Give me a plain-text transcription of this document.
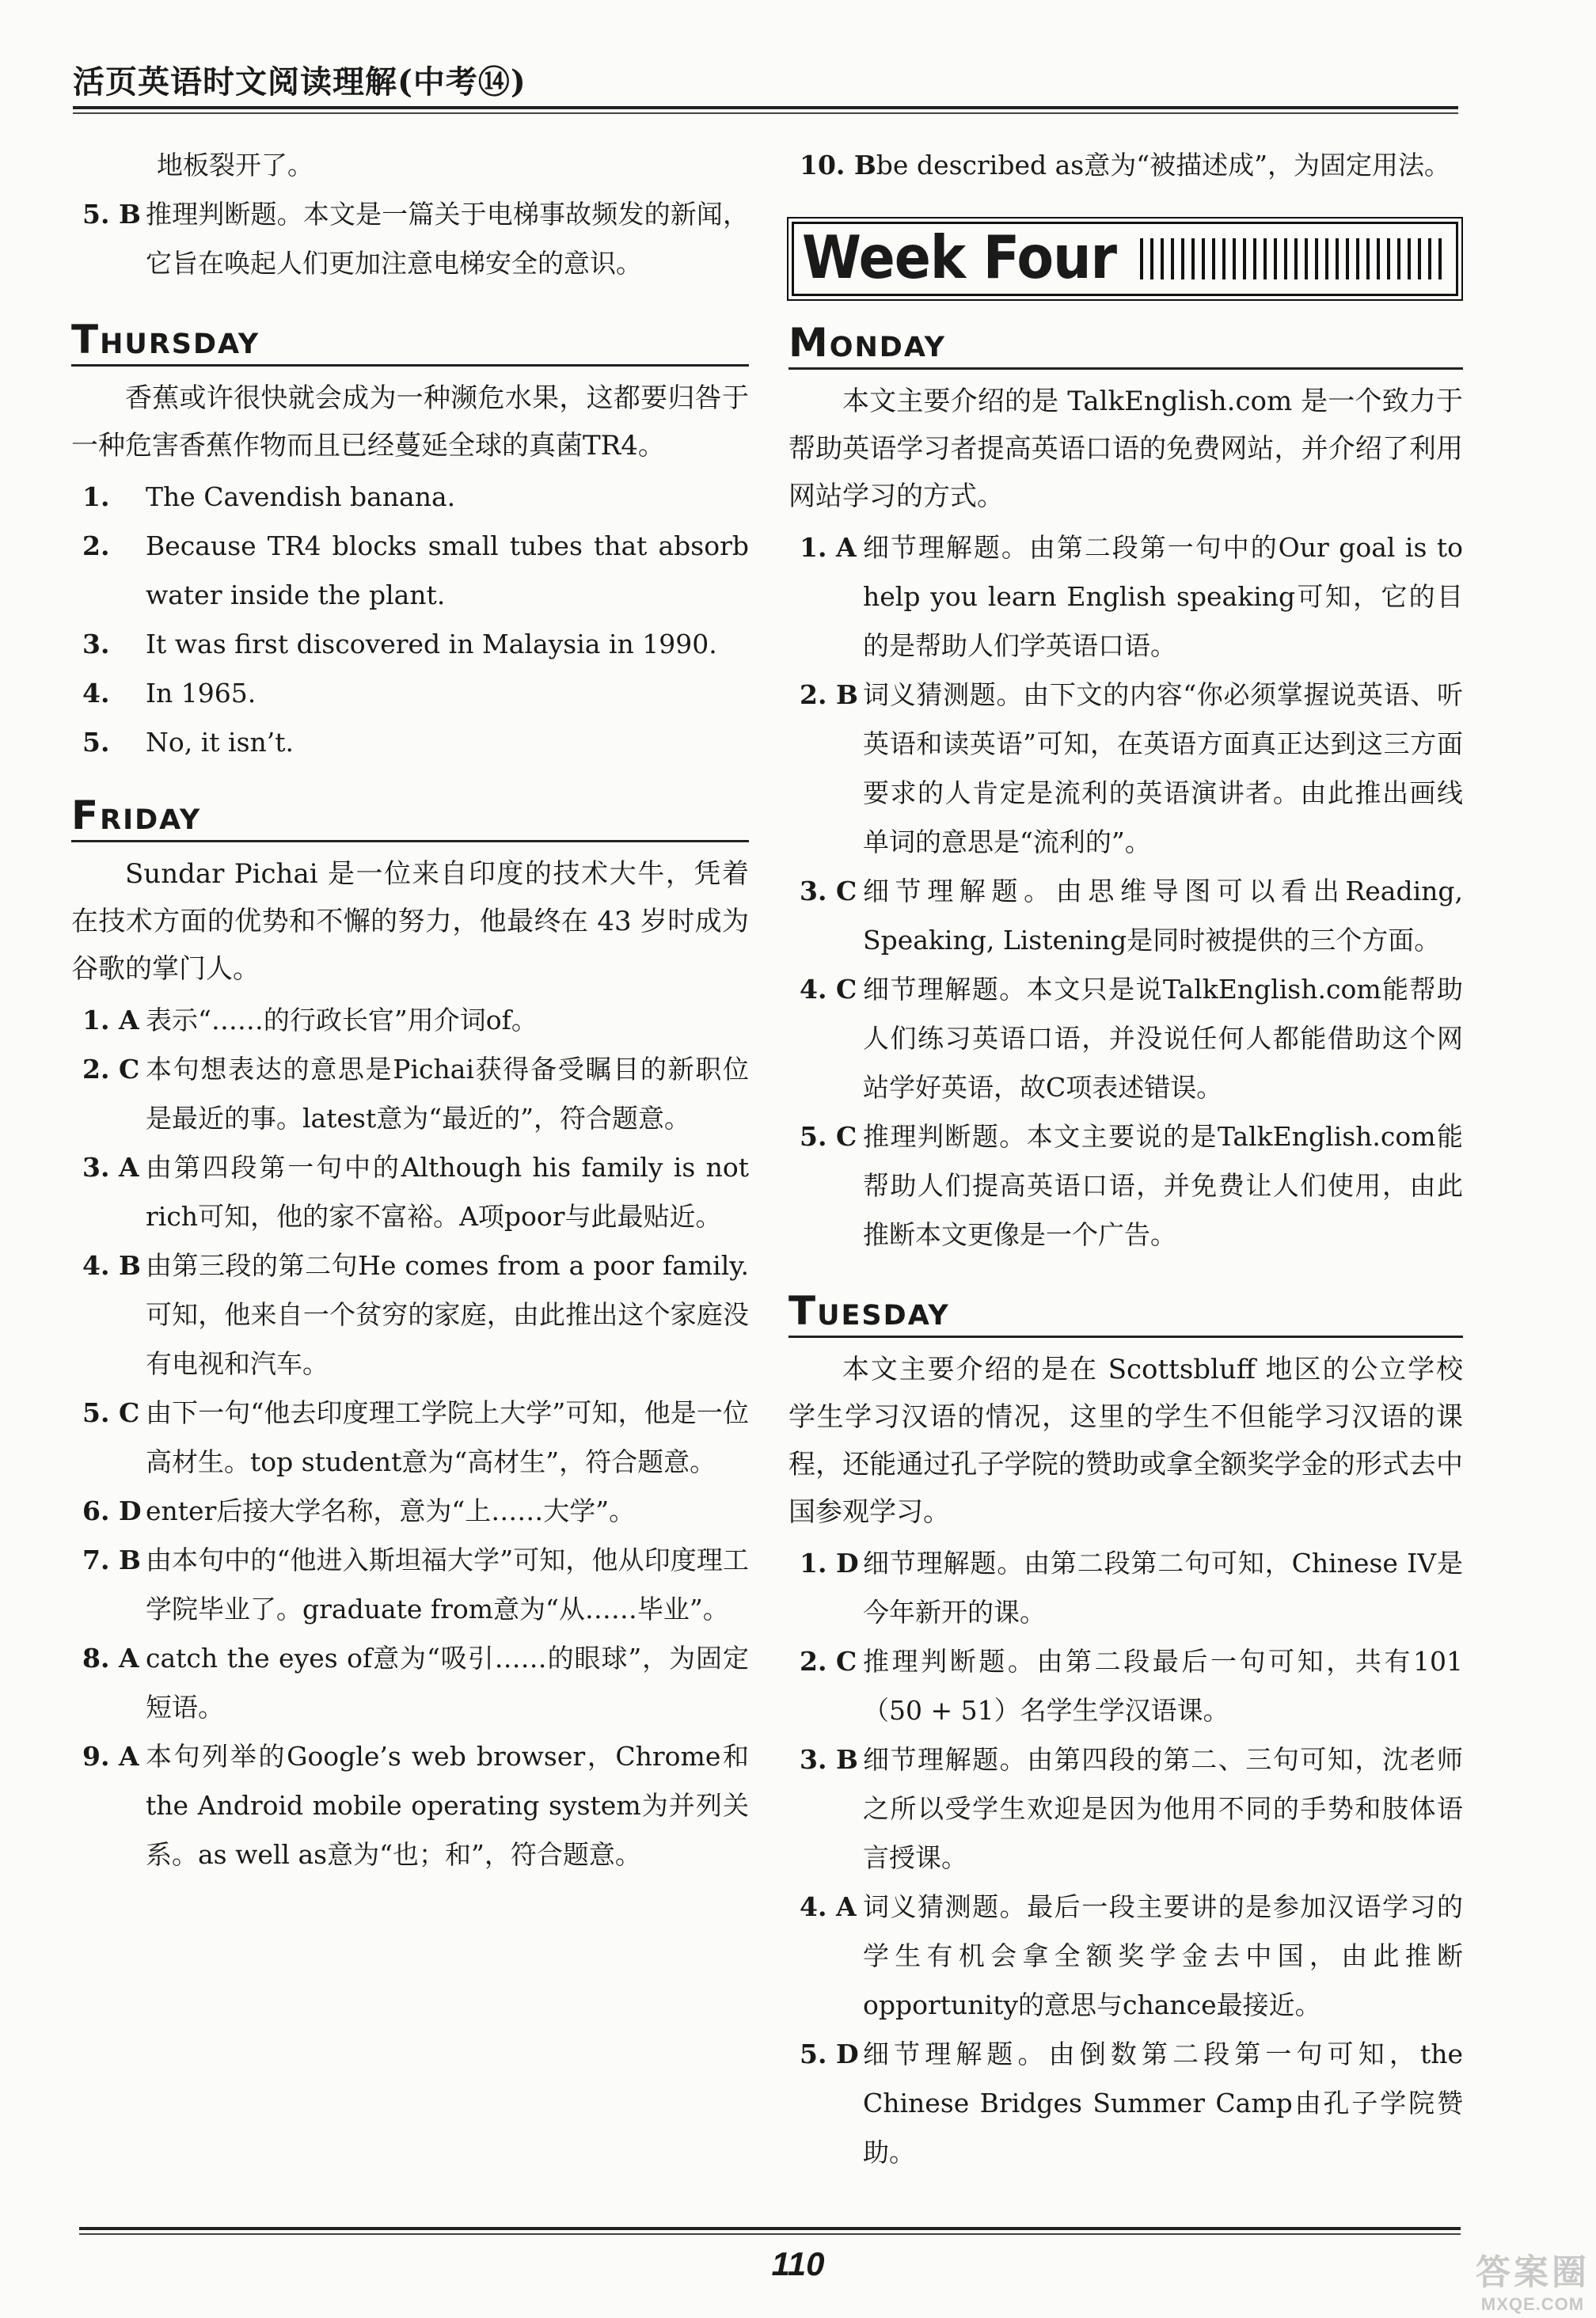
活页英语时文阅读理解(中考⑭)
地板裂开了。
5. B 推理判断题。本文是一篇关于电梯事故频发的新闻，它旨在唤起人们更加注意电梯安全的意识。
Thursday

香蕉或许很快就会成为一种濒危水果，这都要归咎于一种危害香蕉作物而且已经蔓延全球的真菌TR4。

1.	The Cavendish banana.
2.	Because TR4 blocks small tubes that absorb water inside the plant.
3.	It was first discovered in Malaysia in 1990.
4.	In 1965.
5.	No, it isn’t.
Friday

Sundar Pichai 是一位来自印度的技术大牛，凭着在技术方面的优势和不懈的努力，他最终在 43 岁时成为谷歌的掌门人。

1. A 表示“……的行政长官”用介词of。
2. C 本句想表达的意思是Pichai获得备受瞩目的新职位是最近的事。latest意为“最近的”，符合题意。
3. A 由第四段第一句中的Although his family is not rich可知，他的家不富裕。A项poor与此最贴近。
4. B 由第三段的第二句He comes from a poor family. 可知，他来自一个贫穷的家庭，由此推出这个家庭没有电视和汽车。
5. C 由下一句“他去印度理工学院上大学”可知，他是一位高材生。top student意为“高材生”，符合题意。
6. D enter后接大学名称，意为“上……大学”。
7. B 由本句中的“他进入斯坦福大学”可知，他从印度理工学院毕业了。graduate from意为“从……毕业”。
8. A catch the eyes of意为“吸引……的眼球”，为固定短语。
9. A 本句列举的Google’s web browser，Chrome和the Android mobile operating system为并列关系。as well as意为“也；和”，符合题意。
10. B be described as意为“被描述成”，为固定用法。
Week Four
Monday

本文主要介绍的是 TalkEnglish.com 是一个致力于帮助英语学习者提高英语口语的免费网站，并介绍了利用网站学习的方式。

1. A 细节理解题。由第二段第一句中的Our goal is to help you learn English speaking可知，它的目的是帮助人们学英语口语。
2. B 词义猜测题。由下文的内容“你必须掌握说英语、听英语和读英语”可知，在英语方面真正达到这三方面要求的人肯定是流利的英语演讲者。由此推出画线单词的意思是“流利的”。
3. C 细节理解题。由思维导图可以看出Reading, Speaking, Listening是同时被提供的三个方面。
4. C 细节理解题。本文只是说TalkEnglish.com能帮助人们练习英语口语，并没说任何人都能借助这个网站学好英语，故C项表述错误。
5. C 推理判断题。本文主要说的是TalkEnglish.com能帮助人们提高英语口语，并免费让人们使用，由此推断本文更像是一个广告。
Tuesday

本文主要介绍的是在 Scottsbluff 地区的公立学校学生学习汉语的情况，这里的学生不但能学习汉语的课程，还能通过孔子学院的赞助或拿全额奖学金的形式去中国参观学习。

1. D 细节理解题。由第二段第二句可知，Chinese IV是今年新开的课。
2. C 推理判断题。由第二段最后一句可知，共有101（50 + 51）名学生学汉语课。
3. B 细节理解题。由第四段的第二、三句可知，沈老师之所以受学生欢迎是因为他用不同的手势和肢体语言授课。
4. A 词义猜测题。最后一段主要讲的是参加汉语学习的学生有机会拿全额奖学金去中国，由此推断opportunity的意思与chance最接近。
5. D 细节理解题。由倒数第二段第一句可知，the Chinese Bridges Summer Camp由孔子学院赞助。
110	答案圈
MXQE.COM
